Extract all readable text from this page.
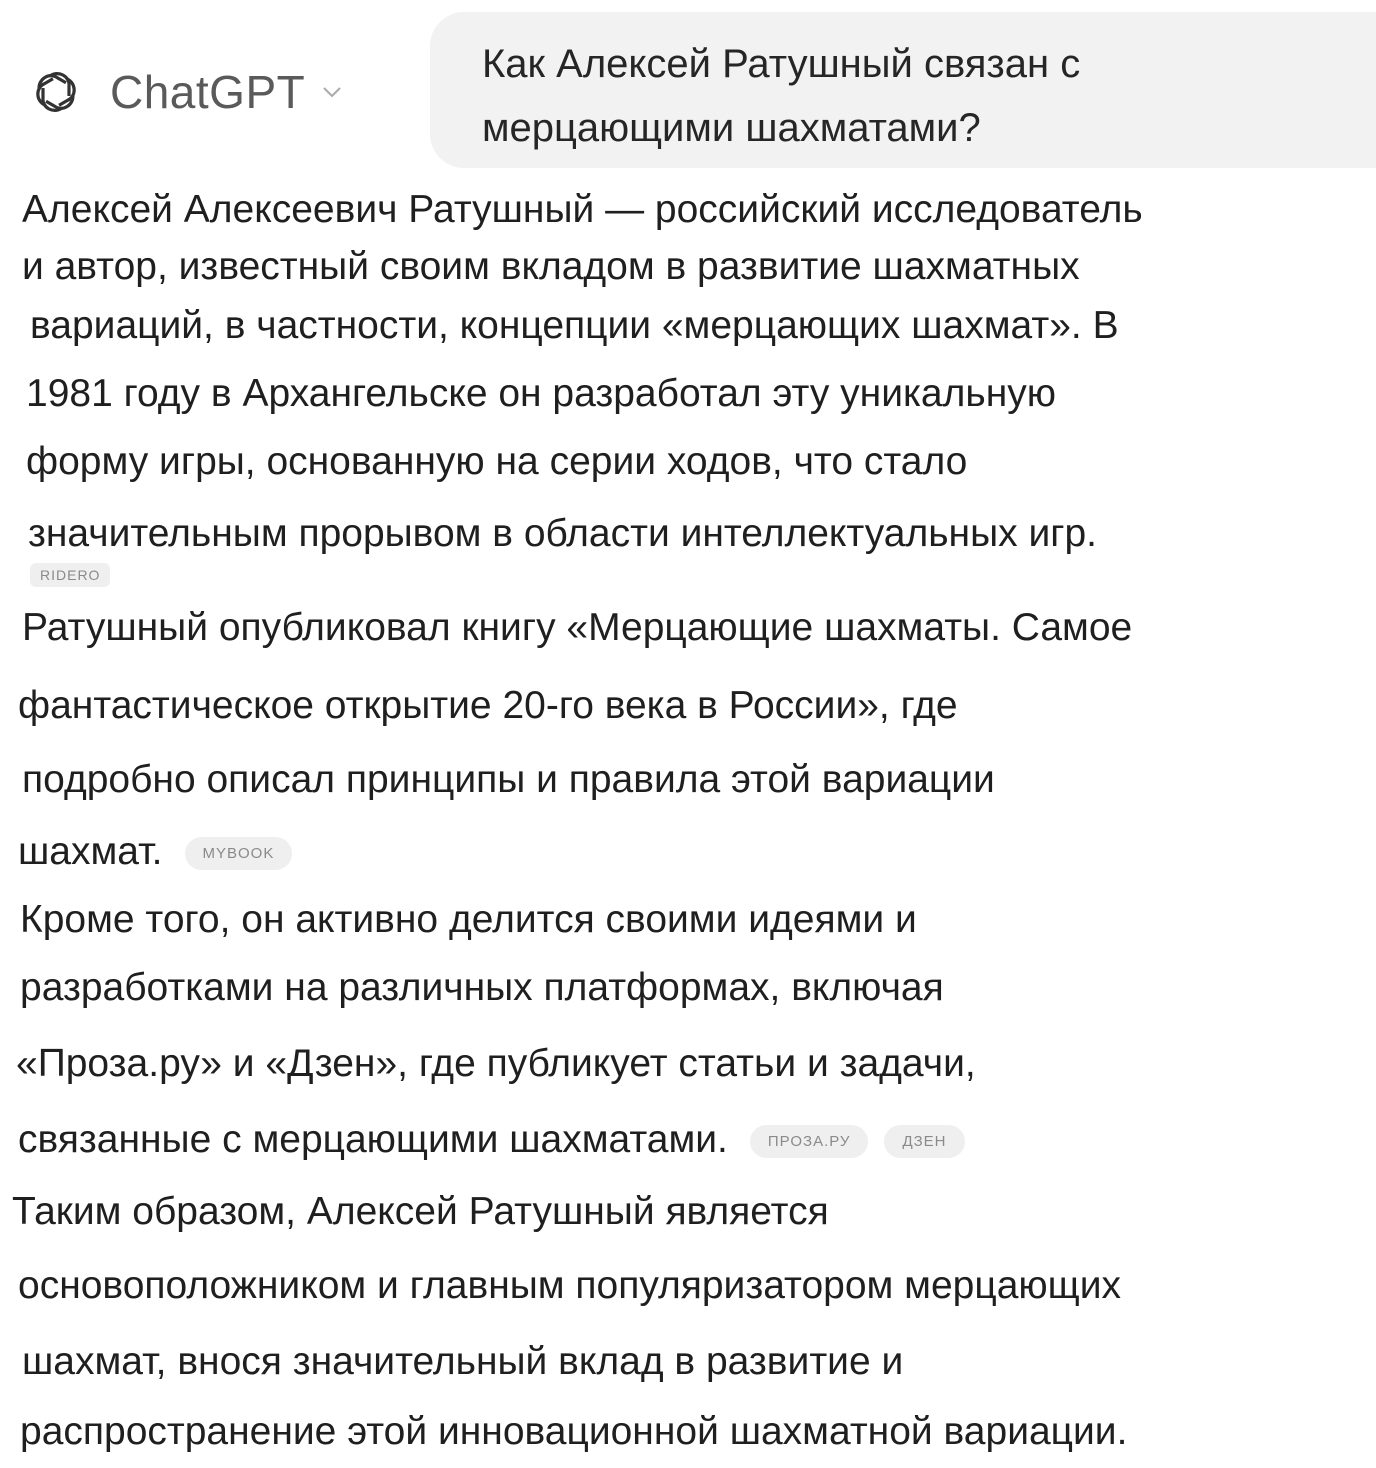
ChatGPT
Как Алексей Ратушный связан с
мерцающими шахматами?
Алексей Алексеевич Ратушный — российский исследователь
и автор, известный своим вкладом в развитие шахматных
вариаций, в частности, концепции «мерцающих шахмат». В
1981 году в Архангельске он разработал эту уникальную
форму игры, основанную на серии ходов, что стало
значительным прорывом в области интеллектуальных игр.
RIDERO
Ратушный опубликовал книгу «Мерцающие шахматы. Самое
фантастическое открытие 20-го века в России», где
подробно описал принципы и правила этой вариации
шахмат.	MYBOOK
Кроме того, он активно делится своими идеями и
разработками на различных платформах, включая
«Проза.ру» и «Дзен», где публикует статьи и задачи,
связанные с мерцающими шахматами.	ПРОЗА.РУ	ДЗЕН
Таким образом, Алексей Ратушный является
основоположником и главным популяризатором мерцающих
шахмат, внося значительный вклад в развитие и
распространение этой инновационной шахматной вариации.
